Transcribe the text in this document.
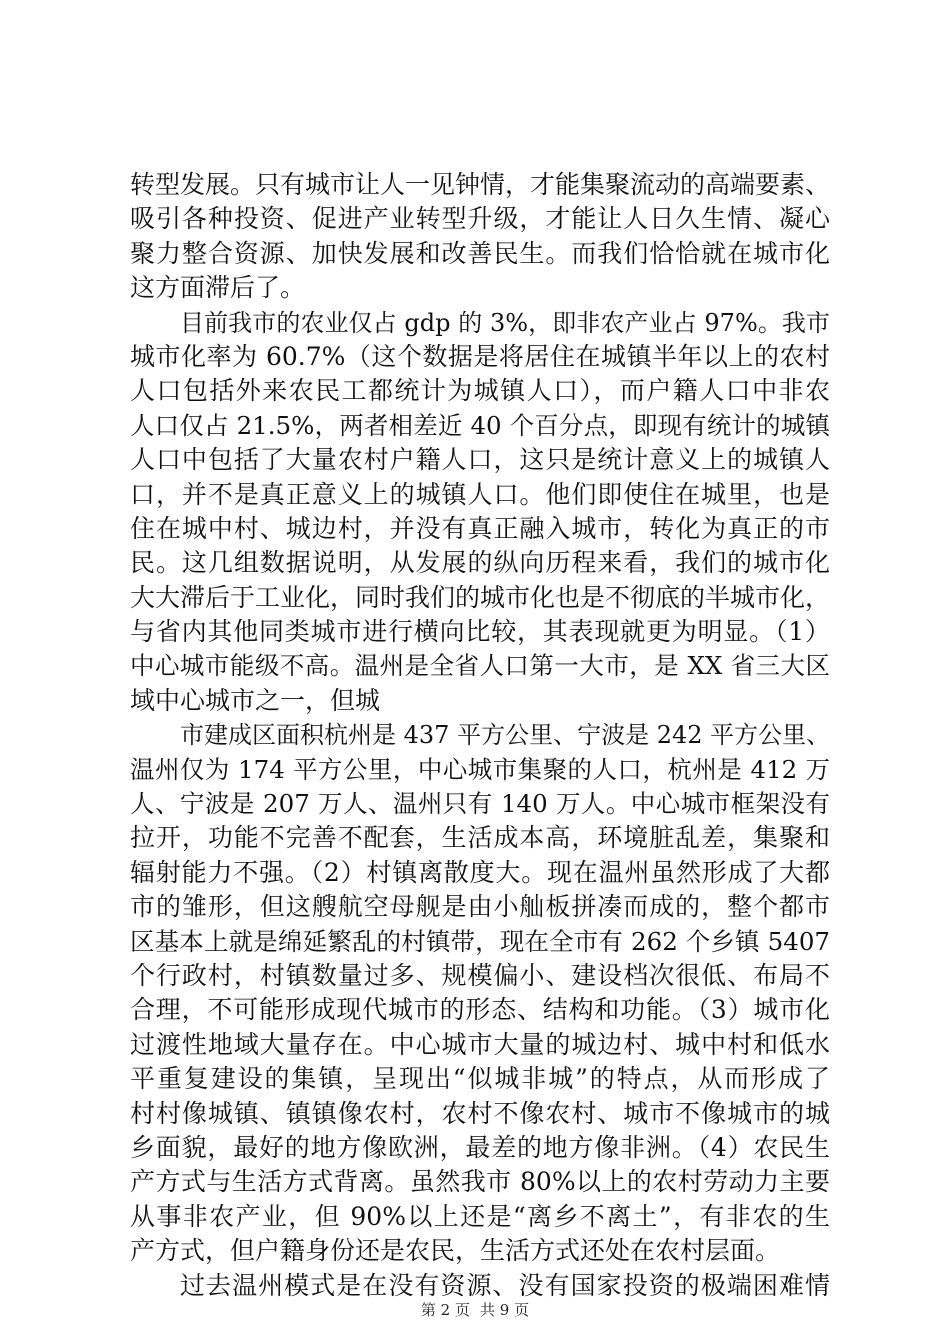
转型发展。只有城市让人一见钟情，才能集聚流动的高端要素、
吸引各种投资、促进产业转型升级，才能让人日久生情、凝心
聚力整合资源、加快发展和改善民生。而我们恰恰就在城市化
这方面滞后了。
目前我市的农业仅占 gdp 的 3%，即非农产业占 97%。我市
城市化率为 60.7%（这个数据是将居住在城镇半年以上的农村
人口包括外来农民工都统计为城镇人口），而户籍人口中非农
人口仅占 21.5%，两者相差近 40 个百分点，即现有统计的城镇
人口中包括了大量农村户籍人口，这只是统计意义上的城镇人
口，并不是真正意义上的城镇人口。他们即使住在城里，也是
住在城中村、城边村，并没有真正融入城市，转化为真正的市
民。这几组数据说明，从发展的纵向历程来看，我们的城市化
大大滞后于工业化，同时我们的城市化也是不彻底的半城市化，
与省内其他同类城市进行横向比较，其表现就更为明显。（1）
中心城市能级不高。温州是全省人口第一大市，是 XX 省三大区
域中心城市之一，但城
市建成区面积杭州是 437 平方公里、宁波是 242 平方公里、
温州仅为 174 平方公里，中心城市集聚的人口，杭州是 412 万
人、宁波是 207 万人、温州只有 140 万人。中心城市框架没有
拉开，功能不完善不配套，生活成本高，环境脏乱差，集聚和
辐射能力不强。（2）村镇离散度大。现在温州虽然形成了大都
市的雏形，但这艘航空母舰是由小舢板拼凑而成的，整个都市
区基本上就是绵延繁乱的村镇带，现在全市有 262 个乡镇 5407
个行政村，村镇数量过多、规模偏小、建设档次很低、布局不
合理，不可能形成现代城市的形态、结构和功能。（3）城市化
过渡性地域大量存在。中心城市大量的城边村、城中村和低水
平重复建设的集镇，呈现出“似城非城”的特点，从而形成了
村村像城镇、镇镇像农村，农村不像农村、城市不像城市的城
乡面貌，最好的地方像欧洲，最差的地方像非洲。（4）农民生
产方式与生活方式背离。虽然我市 80%以上的农村劳动力主要
从事非农产业，但 90%以上还是“离乡不离土”，有非农的生
产方式，但户籍身份还是农民，生活方式还处在农村层面。
过去温州模式是在没有资源、没有国家投资的极端困难情
第 2 页 共 9 页
